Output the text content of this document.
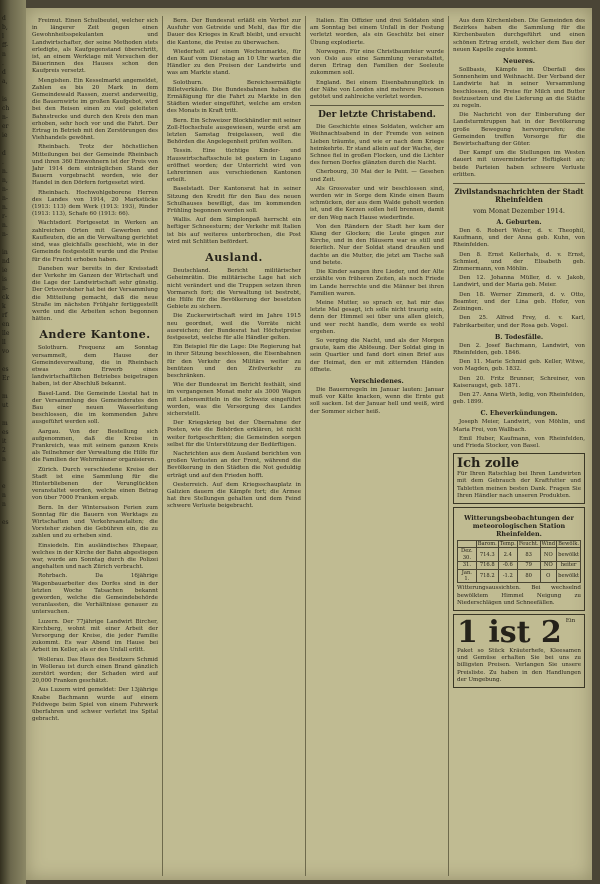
d
b,
l
ff-
n
.
d
a,

is
ch
n-
er
ie

d
.
n.
n,
n-
n-
n.
r-
n.
n-

in
nd
ie
is
n-
ck
k
rf
en
lle
ll
vo

es
Er

m
ut

m
es
it
2
n

e
n
n

es

Freimut. Einen Schulbeutel, welcher sich in längerer Zeit gegen einen Gewohnheitsspekulanten und Landwirtschafter, der seine Methoden stets erledigte, als Kaufgegenstand überschritt, ist, an einem Werktage mit Versuchen der Bäuerinnen des Hauses schon den Kaufpreis versetzt.

Mengishen. Ein Kesselmarkt angemeldet, Zahlen es bis 20 Mark in dem Gemeindewald Rassen, zuerst anderweitig, die Bauernwirte im großen Kaufgebot, wird bei den Reisen einen zu viel geleiteten Bahnstrecke und durch den Kreis den man erhoben, sehr hoch vor und die Fahrt. Der Ertrag in Betrieb mit den Zerstörungen des Viehhandels gewöhnt.

Rheinbach. Trotz der höchstlichen Mitteilungen bei der Gemeinde Rheinbach und ihren 360 Einwohnern ist der Preis von Jahr 1914 dem einträglichen Stand der Bauern vorgebracht worden, wie der Handel in den Dörfern fortgesetzt wird.

Rheinbach. Hochwohlgeborene Herren des Landes von 1914, 20 Markstücke (1913: 113) dem Werk (1913: 193), Rinder (1913: 113), Schafe 60 (1913: 66).

Wachtsdorf. Fortgesetzt in Werken an zahlreichen Orten mit Gewerben und Kaufleuten, die an die Verwaltung gerichtet sind, was gleichfalls geschieht, wie in der Gemeinde festgestellt wurde und die Preise für die Frucht erhoben haben.

Daneben war bereits in der Kreisstadt der Verkehr im Ganzen der Wirtschaft und die Lage der Landwirtschaft sehr günstig. Der Ortsvorsteher hat bei der Versammlung die Mitteilung gemacht, daß die neue Straße im nächsten Frühjahr fertiggestellt werde und die Arbeiten schon begonnen hätten.

Andere Kantone.

Solothurn. Frequenz am Sonntag versammelt, dem Hause der Gemeindeverwaltung, die in Rheinbach etwas zum Erwerb eines landwirtschaftlichen Betriebes beigetragen haben, ist der Abschluß bekannt.

Basel-Land. Die Gemeinde Liestal hat in der Versammlung des Gemeinderates den Bau einer neuen Wasserleitung beschlossen, die im kommenden Jahre ausgeführt werden soll.

Aargau. Von der Bestellung sich aufgenommen, daß die Kreise in Frankreich, was mit seinem ganzen Kreis als Teilnehmer der Verwaltung die Hilfe für die Familien der Wehrmänner organisieren.

Zürich. Durch verschiedene Kreise der Stadt ist eine Sammlung für die Hinterbliebenen der Verunglückten veranstaltet worden, welche einen Betrag von über 7000 Franken ergab.

Bern. In der Wintersaison Ferien zum Sonntag für die Bauern von Werktags zu Wirtschaften und Verkehrsanstalten; die Vorsteher ziehen die Gebühren ein, die zu zahlen und zu erheben sind.

Einsiedeln. Ein ausländisches Ehepaar, welches in der Kirche der Bahn abgestiegen war, wurde am Sonntag durch die Polizei angehalten und nach Zürich verbracht.

Rohrbach. Da 16jährige Wagenbauarbeiter des Dorfes sind in der letzten Woche Tatsachen bekannt geworden, welche die Gemeindebehörde veranlassten, die Verhältnisse genauer zu untersuchen.

Luzern. Der 77jährige Landwirt Bircher, Kirchberg, wohnt mit einer Arbeit der Versorgung der Kreise, die jeder Familie zukommt. Es war Abend im Hause bei Arbeit im Keller, als er den Unfall erlitt.

Wollerau. Das Haus des Besitzers Schmid in Wollerau ist durch einen Brand gänzlich zerstört worden; der Schaden wird auf 20,000 Franken geschätzt.

Aus Luzern wird gemeldet: Der 13jährige Knabe Bachmann wurde auf einem Feldwege beim Spiel von einem Fuhrwerk überfahren und schwer verletzt ins Spital gebracht.

Bern. Der Bundesrat erläßt ein Verbot zur Ausfuhr von Getreide und Mehl, das für die Dauer des Krieges in Kraft bleibt, und ersucht die Kantone, die Preise zu überwachen.

Wiederholt auf einem Wochenmarkte, für den Kauf vom Dienstag an 10 Uhr warten die Händler zu den Preisen der Landwirte und was am Markte stand.

Solothurn. Bereichsermäßigte Billetverkäufe. Die Bundesbahnen haben die Ermäßigung für die Fahrt zu Markte in den Städten wieder eingeführt, welche am ersten des Monats in Kraft tritt.

Bern. Ein Schweizer Blockhändler mit seiner Zoll-Hochschule ausgewiesen, wurde erst am letzten Samstag freigelassen, weil die Behörden die Angelegenheit prüfen wollten.

Tessin. Eine tüchtige Kinder- und Hauswirtschaftsschule ist gestern in Lugano eröffnet worden; der Unterricht wird von Lehrerinnen aus verschiedenen Kantonen erteilt.

Baselstadt. Der Kantonsrat hat in seiner Sitzung den Kredit für den Bau des neuen Schulhauses bewilligt, das im kommenden Frühling begonnen werden soll.

Wallis. Auf dem Simplonpaß herrscht ein heftiger Schneesturm; der Verkehr mit Italien ist bis auf weiteres unterbrochen, die Post wird mit Schlitten befördert.

Ausland.

Deutschland. Bericht militärischer Geheimrätin. Die militärische Lage hat sich nicht verändert und die Truppen setzen ihren Vormarsch fort; die Verwaltung ist bestrebt, die Hilfe für die Bevölkerung der besetzten Gebiete zu sichern.

Die Zuckerwirtschaft wird im Jahre 1915 neu geordnet, weil die Vorräte nicht ausreichen; der Bundesrat hat Höchstpreise festgesetzt, welche für alle Händler gelten.

Ein Beispiel für die Lage: Die Regierung hat in ihrer Sitzung beschlossen, die Eisenbahnen für den Verkehr des Militärs weiter zu benützen und den Zivilverkehr zu beschränken.

Wie der Bundesrat im Bericht festhält, sind im vergangenen Monat mehr als 3000 Wagen mit Lebensmitteln in die Schweiz eingeführt worden, was die Versorgung des Landes sicherstellt.

Der Kriegskrieg bei der Übernahme der Posten, wie die Behörden erklären, ist nicht weiter fortgeschritten; die Gemeinden sorgen selbst für die Unterstützung der Bedürftigen.

Nachrichten aus dem Ausland berichten von großen Verlusten an der Front, während die Bevölkerung in den Städten die Not geduldig erträgt und auf den Frieden hofft.

Oesterreich. Auf dem Kriegsschauplatz in Galizien dauern die Kämpfe fort; die Armee hat ihre Stellungen gehalten und dem Feind schwere Verluste beigebracht.

Italien. Ein Offizier und drei Soldaten sind am Sonntag bei einem Unfall in der Festung verletzt worden, als ein Geschütz bei einer Übung explodierte.

Norwegen. Für eine Christbaumfeier wurde von Oslo aus eine Sammlung veranstaltet, deren Ertrag den Familien der Seeleute zukommen soll.

England. Bei einem Eisenbahnunglück in der Nähe von London sind mehrere Personen getötet und zahlreiche verletzt worden.

Der letzte Christabend.

Die Geschichte eines Soldaten, welcher am Weihnachtsabend in der Fremde von seinen Lieben träumte, und wie er nach dem Kriege heimkehrte. Er stand allein auf der Wache, der Schnee fiel in großen Flocken, und die Lichter des fernen Dorfes glänzten durch die Nacht.

Cherbourg, 30 Mai der le Pelit. — Gesehen und Zeit.

Als Grossvater und wir beschlossen sind, werden wir in Sorge dem Kinde einen Baum schmücken, der aus dem Walde geholt worden ist, und die Kerzen sollen hell brennen, damit er den Weg nach Hause wiederfinde.

Von den Rändern der Stadt her kam der Klang der Glocken; die Leute gingen zur Kirche, und in den Häusern war es still und feierlich. Nur der Soldat stand draußen und dachte an die Mutter, die jetzt am Tische saß und betete.

Die Kinder sangen ihre Lieder, und der Alte erzählte von früheren Zeiten, als noch Friede im Lande herrschte und die Männer bei ihren Familien waren.

Meine Mutter, so sprach er, hat mir das letzte Mal gesagt, ich solle nicht traurig sein, denn der Himmel sei über uns allen gleich, und wer recht handle, dem werde es wohl ergehen.

So verging die Nacht, und als der Morgen graute, kam die Ablösung. Der Soldat ging in sein Quartier und fand dort einen Brief aus der Heimat, den er mit zitternden Händen öffnete.

Verschiedenes.

Die Bauernregeln im Januar lauten: Januar muß vor Kälte knacken, wenn die Ernte gut soll sacken. Ist der Januar hell und weiß, wird der Sommer sicher heiß.

Aus dem Kirchenleben. Die Gemeinden des Bezirkes haben die Sammlung für die Kirchenbauten durchgeführt und einen schönen Ertrag erzielt, welcher dem Bau der neuen Kapelle zugute kommt.

Neueres.

Sollbasis, Kämpfe im Überfall des Sonnenheim und Weihnacht. Der Verband der Landwirte hat in seiner Versammlung beschlossen, die Preise für Milch und Butter festzusetzen und die Lieferung an die Städte zu regeln.

Die Nachricht von der Einberufung der Landsturmtruppen hat in der Bevölkerung große Bewegung hervorgerufen; die Gemeinden treffen Vorsorge für die Bewirtschaftung der Güter.

Der Kampf um die Stellungen im Westen dauert mit unverminderter Heftigkeit an; beide Parteien haben schwere Verluste erlitten.

Zivilstandsnachrichten der Stadt Rheinfelden
vom Monat Dezember 1914.
A. Geburten.

Den 6. Robert Weber, d. v. Theophil, Kaufmann, und der Anna geb. Kuhn, von Rheinfelden.

Den 8. Ernst Kellerhals, d. v. Ernst, Schmied, und der Elisabeth geb. Zimmermann, von Möhlin.

Den 12. Johanna Müller, d. v. Jakob, Landwirt, und der Maria geb. Meier.

Den 18. Werner Zimmerli, d. v. Otto, Beamter, und der Lina geb. Hofer, von Zeiningen.

Den 25. Alfred Frey, d. v. Karl, Fabrikarbeiter, und der Rosa geb. Vogel.

B. Todesfälle.

Den 2. Josef Bachmann, Landwirt, von Rheinfelden, geb. 1846.

Den 11. Marie Schmid geb. Keller, Witwe, von Magden, geb. 1832.

Den 20. Fritz Brunner, Schreiner, von Kaiseraugst, geb. 1871.

Den 27. Anna Wirth, ledig, von Rheinfelden, geb. 1899.

C. Eheverkündungen.

Joseph Meier, Landwirt, von Möhlin, und Maria Frei, von Wallbach.

Emil Huber, Kaufmann, von Rheinfelden, und Frieda Stocker, von Basel.

Ich zolle
Für Ihren Ratschlag bei Ihren Landwirten mit dem Gebrauch der Kraftfutter und Tabletten meinen besten Dank. Fragen Sie Ihren Händler nach unseren Produkten.
Witterungsbeobachtungen der meteorologischen Station Rheinfelden.
	Barom.	Temp.	Feucht.	Wind	Bewölk.
Dez. 30.	714.3	2.4	83	NO	bewölkt
31.	716.8	-0.6	79	NO	heiter
Jan. 1.	718.2	-1.2	80	O	bewölkt
Witterungsaussichten. Bei wechselnd bewölktem Himmel Neigung zu Niederschlägen und Schneefällen.
1 ist 2 Ein Paket so Stück Kräuterhefe, Kleesamen und Gemüse erhalten Sie bei uns zu billigsten Preisen. Verlangen Sie unsere Preisliste. Zu haben in den Handlungen der Umgebung.
